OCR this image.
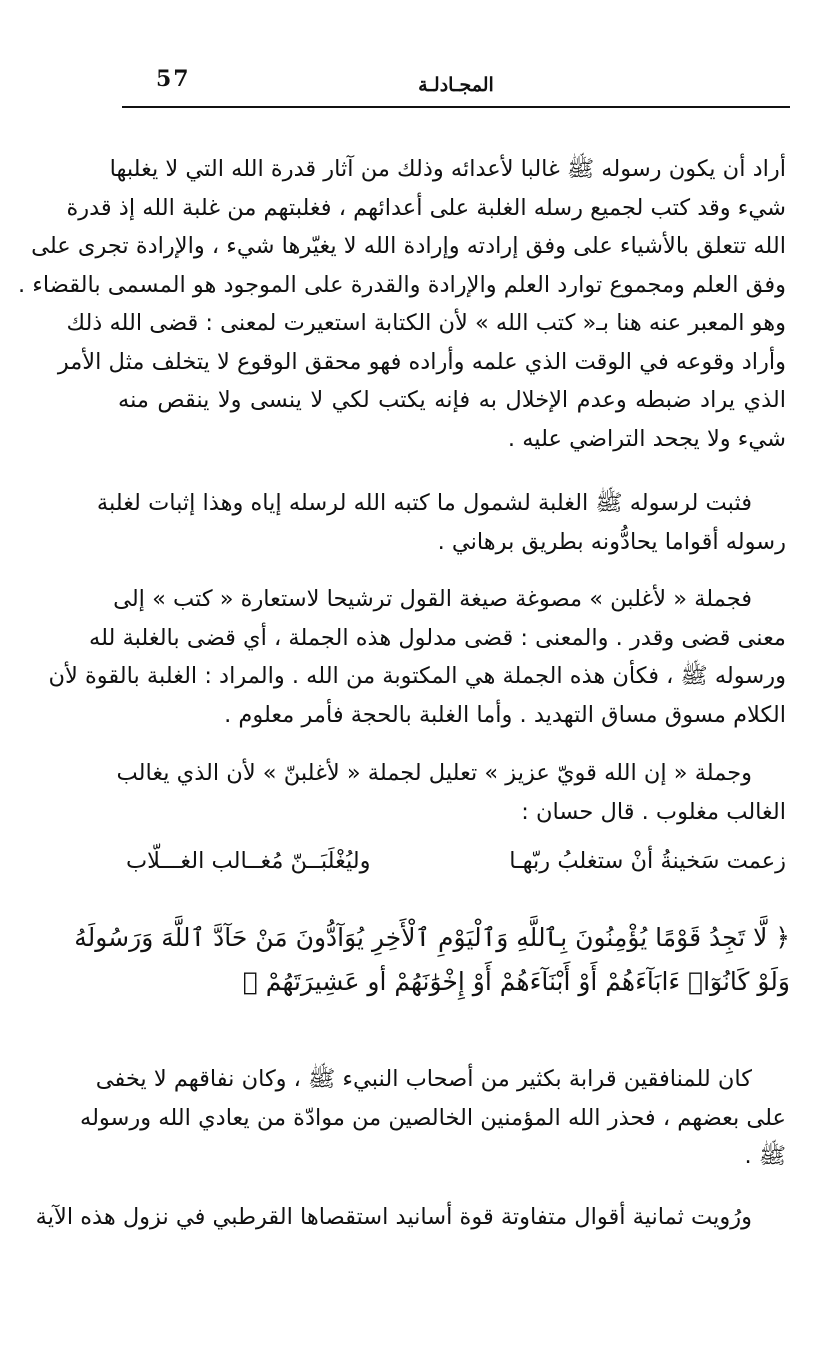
57	المجـادلـة
أراد أن يكون رسوله ﷺ غالبا لأعدائه وذلك من آثار قدرة الله التي لا يغلبها
شيء وقد كتب لجميع رسله الغلبة على أعدائهم ، فغلبتهم من غلبة الله إذ قدرة
الله تتعلق بالأشياء على وفق إرادته وإرادة الله لا يغيّرها شيء ، والإرادة تجرى على
وفق العلم ومجموع توارد العلم والإرادة والقدرة على الموجود هو المسمى بالقضاء .
وهو المعبر عنه هنا بـ« كتب الله » لأن الكتابة استعيرت لمعنى : قضى الله ذلك
وأراد وقوعه في الوقت الذي علمه وأراده فهو محقق الوقوع لا يتخلف مثل الأمر
الذي يراد ضبطه وعدم الإخلال به فإنه يكتب لكي لا ينسى ولا ينقص منه
شيء ولا يجحد التراضي عليه .
فثبت لرسوله ﷺ الغلبة لشمول ما كتبه الله لرسله إياه وهذا إثبات لغلبة
رسوله أقواما يحادُّونه بطريق برهاني .
فجملة « لأغلبن » مصوغة صيغة القول ترشيحا لاستعارة « كتب » إلى
معنى قضى وقدر . والمعنى : قضى مدلول هذه الجملة ، أي قضى بالغلبة لله
ورسوله ﷺ ، فكأن هذه الجملة هي المكتوبة من الله . والمراد : الغلبة بالقوة لأن
الكلام مسوق مساق التهديد . وأما الغلبة بالحجة فأمر معلوم .
وجملة « إن الله قويّ عزيز » تعليل لجملة « لأغلبنّ » لأن الذي يغالب
الغالب مغلوب . قال حسان :
زعمت سَخينةُ أنْ ستغلبُ ربّهـا
وليُغْلَبَــنّ مُغــالب الغـــلّاب
﴿ لَّا تَجِدُ قَوْمًا يُؤْمِنُونَ بِٱللَّهِ وَٱلْيَوْمِ ٱلْأَخِرِ يُوَآدُّونَ مَنْ حَآدَّ ٱللَّهَ وَرَسُولَهُ
وَلَوْ كَانُوٓا۟ ءَابَآءَهُمْ أَوْ أَبْنَآءَهُمْ أَوْ إِخْوَٰنَهُمْ أو عَشِيرَتَهُمْ ﴾
كان للمنافقين قرابة بكثير من أصحاب النبيء ﷺ ، وكان نفاقهم لا يخفى
على بعضهم ، فحذر الله المؤمنين الخالصين من موادّة من يعادي الله ورسوله
ﷺ .
ورُويت ثمانية أقوال متفاوتة قوة أسانيد استقصاها القرطبي في نزول هذه الآية
